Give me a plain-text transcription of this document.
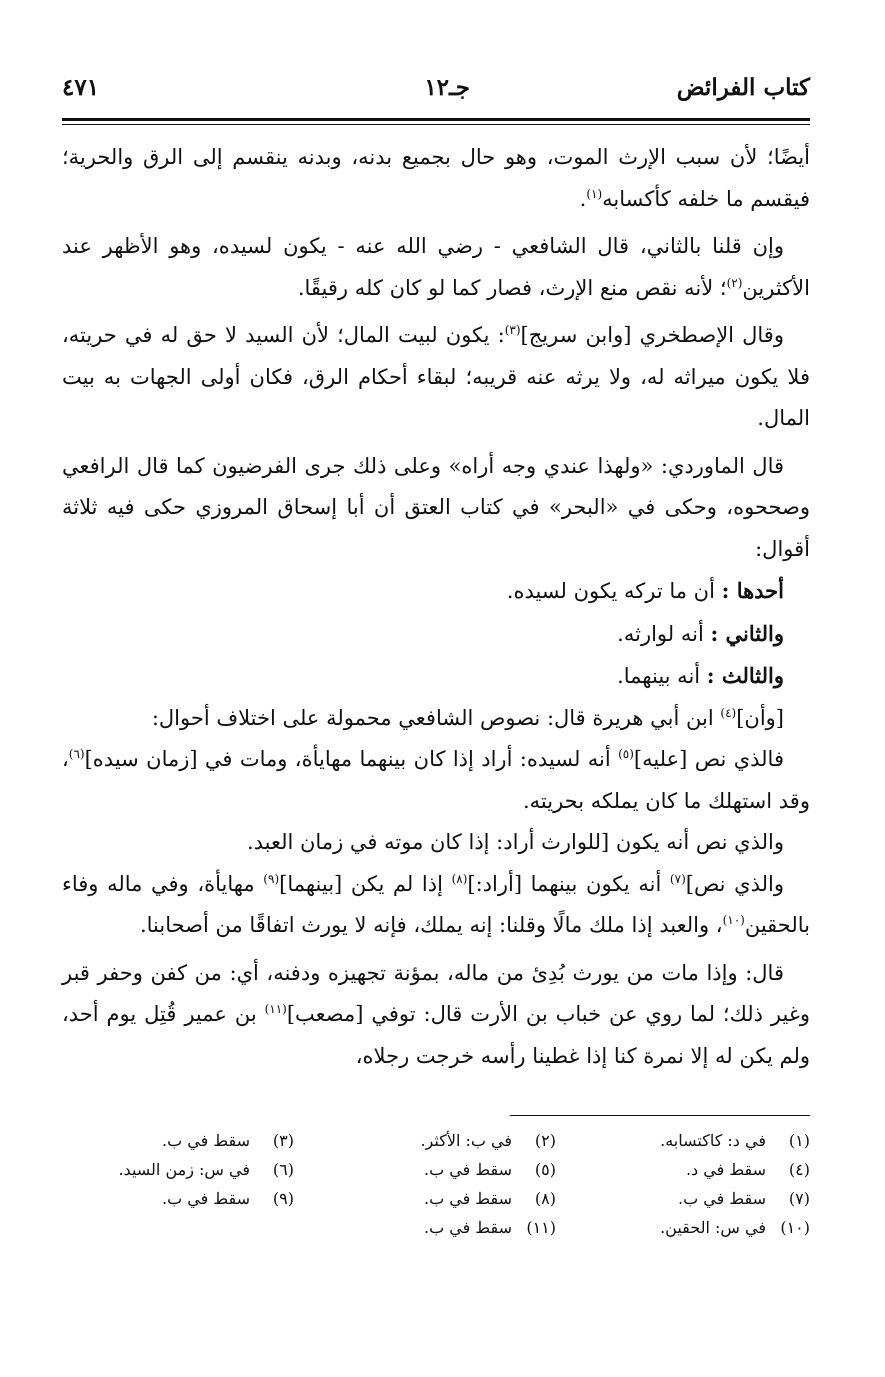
كتاب الفرائض
جـ١٢
٤٧١

أيضًا؛ لأن سبب الإرث الموت، وهو حال بجميع بدنه، وبدنه ينقسم إلى الرق والحرية؛ فيقسم ما خلفه كأكسابه$^{(١)}$.

وإن قلنا بالثاني، قال الشافعي - رضي الله عنه - يكون لسيده، وهو الأظهر عند الأكثرين$^{(٢)}$؛ لأنه نقص منع الإرث، فصار كما لو كان كله رقيقًا.

وقال الإصطخري [وابن سريج]$^{(٣)}$: يكون لبيت المال؛ لأن السيد لا حق له في حريته، فلا يكون ميراثه له، ولا يرثه عنه قريبه؛ لبقاء أحكام الرق، فكان أولى الجهات به بيت المال.

قال الماوردي: «ولهذا عندي وجه أراه» وعلى ذلك جرى الفرضيون كما قال الرافعي وصححوه، وحكى في «البحر» في كتاب العتق أن أبا إسحاق المروزي حكى فيه ثلاثة أقوال:

أحدها : أن ما تركه يكون لسيده.

والثاني : أنه لوارثه.

والثالث : أنه بينهما.

[وأن]$^{(٤)}$ ابن أبي هريرة قال: نصوص الشافعي محمولة على اختلاف أحوال:

فالذي نص [عليه]$^{(٥)}$ أنه لسيده: أراد إذا كان بينهما مهايأة، ومات في [زمان سيده]$^{(٦)}$، وقد استهلك ما كان يملكه بحريته.

والذي نص أنه يكون [للوارث أراد: إذا كان موته في زمان العبد.

والذي نص]$^{(٧)}$ أنه يكون بينهما [أراد:]$^{(٨)}$ إذا لم يكن [بينهما]$^{(٩)}$ مهايأة، وفي ماله وفاء بالحقين$^{(١٠)}$، والعبد إذا ملك مالًا وقلنا: إنه يملك، فإنه لا يورث اتفاقًا من أصحابنا.

قال: وإذا مات من يورث بُدِئ من ماله، بمؤنة تجهيزه ودفنه، أي: من كفن وحفر قبر وغير ذلك؛ لما روي عن خباب بن الأرت قال: توفي [مصعب]$^{(١١)}$ بن عمير قُتِل يوم أحد، ولم يكن له إلا نمرة كنا إذا غطينا رأسه خرجت رجلاه،

(١)في د: كاكتسابه.
(٢)في ب: الأكثر.
(٣)سقط في ب.
(٤)سقط في د.
(٥)سقط في ب.
(٦)في س: زمن السيد.
(٧)سقط في ب.
(٨)سقط في ب.
(٩)سقط في ب.
(١٠)في س: الحقين.
(١١)سقط في ب.
